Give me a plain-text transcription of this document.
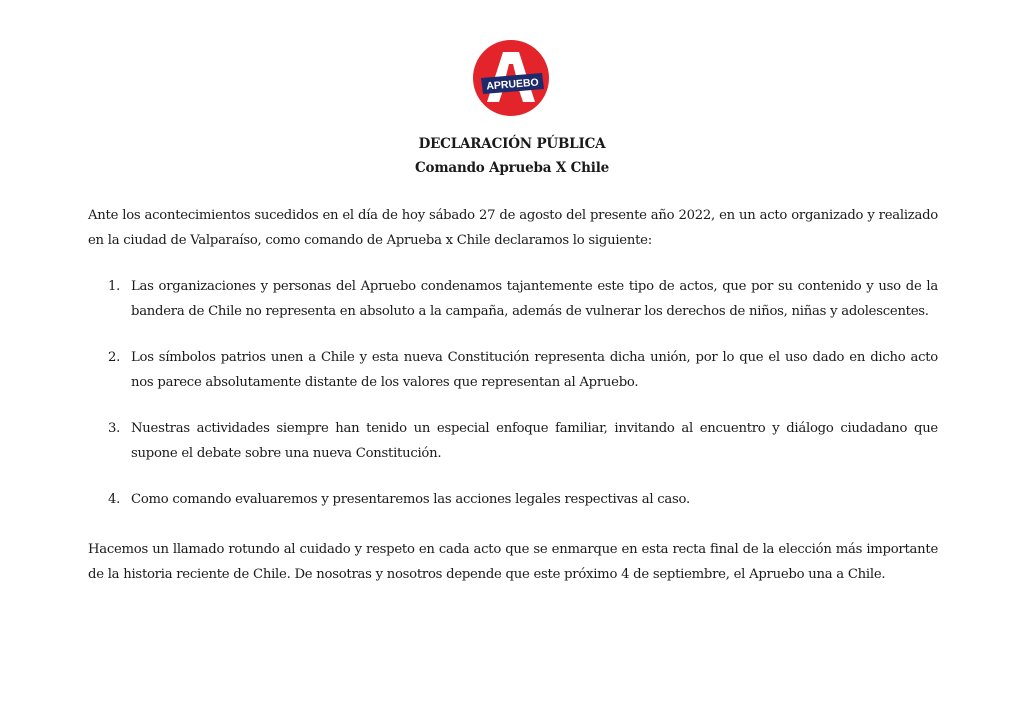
APRUEBO
DECLARACIÓN PÚBLICA
Comando Aprueba X Chile

Ante los acontecimientos sucedidos en el día de hoy sábado 27 de agosto del presente año 2022, en un acto organizado y realizado en la ciudad de Valparaíso, como comando de Aprueba x Chile declaramos lo siguiente:

1. Las organizaciones y personas del Apruebo condenamos tajantemente este tipo de actos, que por su contenido y uso de la bandera de Chile no representa en absoluto a la campaña, además de vulnerar los derechos de niños, niñas y adolescentes.
2. Los símbolos patrios unen a Chile y esta nueva Constitución representa dicha unión, por lo que el uso dado en dicho acto nos parece absolutamente distante de los valores que representan al Apruebo.
3. Nuestras actividades siempre han tenido un especial enfoque familiar, invitando al encuentro y diálogo ciudadano que supone el debate sobre una nueva Constitución.
4. Como comando evaluaremos y presentaremos las acciones legales respectivas al caso.

Hacemos un llamado rotundo al cuidado y respeto en cada acto que se enmarque en esta recta final de la elección más importante de la historia reciente de Chile. De nosotras y nosotros depende que este próximo 4 de septiembre, el Apruebo una a Chile.
